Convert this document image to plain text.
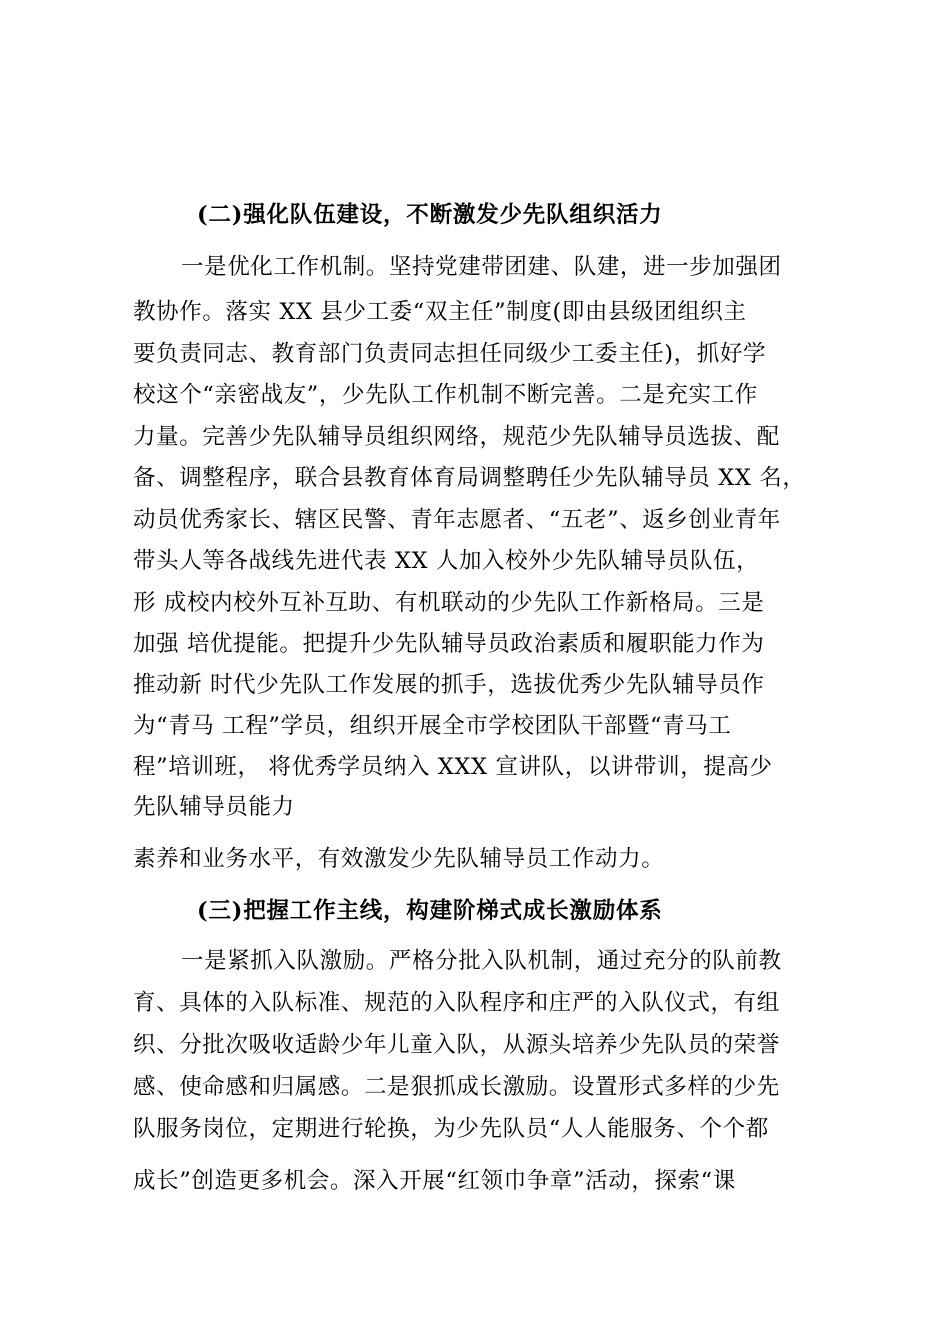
(二)强化队伍建设，不断激发少先队组织活力
一是优化工作机制。坚持党建带团建、队建，进一步加强团
教协作。落实 XX 县少工委“双主任”制度(即由县级团组织主
要负责同志、教育部门负责同志担任同级少工委主任)，抓好学
校这个“亲密战友”，少先队工作机制不断完善。二是充实工作
力量。完善少先队辅导员组织网络，规范少先队辅导员选拔、配
备、调整程序，联合县教育体育局调整聘任少先队辅导员 XX 名，
动员优秀家长、辖区民警、青年志愿者、“五老”、返乡创业青年
带头人等各战线先进代表 XX 人加入校外少先队辅导员队伍，
形 成校内校外互补互助、有机联动的少先队工作新格局。三是
加强 培优提能。把提升少先队辅导员政治素质和履职能力作为
推动新 时代少先队工作发展的抓手，选拔优秀少先队辅导员作
为“青马 工程”学员，组织开展全市学校团队干部暨“青马工
程”培训班， 将优秀学员纳入 XXX 宣讲队，以讲带训，提高少
先队辅导员能力
素养和业务水平，有效激发少先队辅导员工作动力。
(三)把握工作主线，构建阶梯式成长激励体系
一是紧抓入队激励。严格分批入队机制，通过充分的队前教
育、具体的入队标准、规范的入队程序和庄严的入队仪式，有组
织、分批次吸收适龄少年儿童入队，从源头培养少先队员的荣誉
感、使命感和归属感。二是狠抓成长激励。设置形式多样的少先
队服务岗位，定期进行轮换，为少先队员“人人能服务、个个都
成长”创造更多机会。深入开展“红领巾争章”活动，探索“课
